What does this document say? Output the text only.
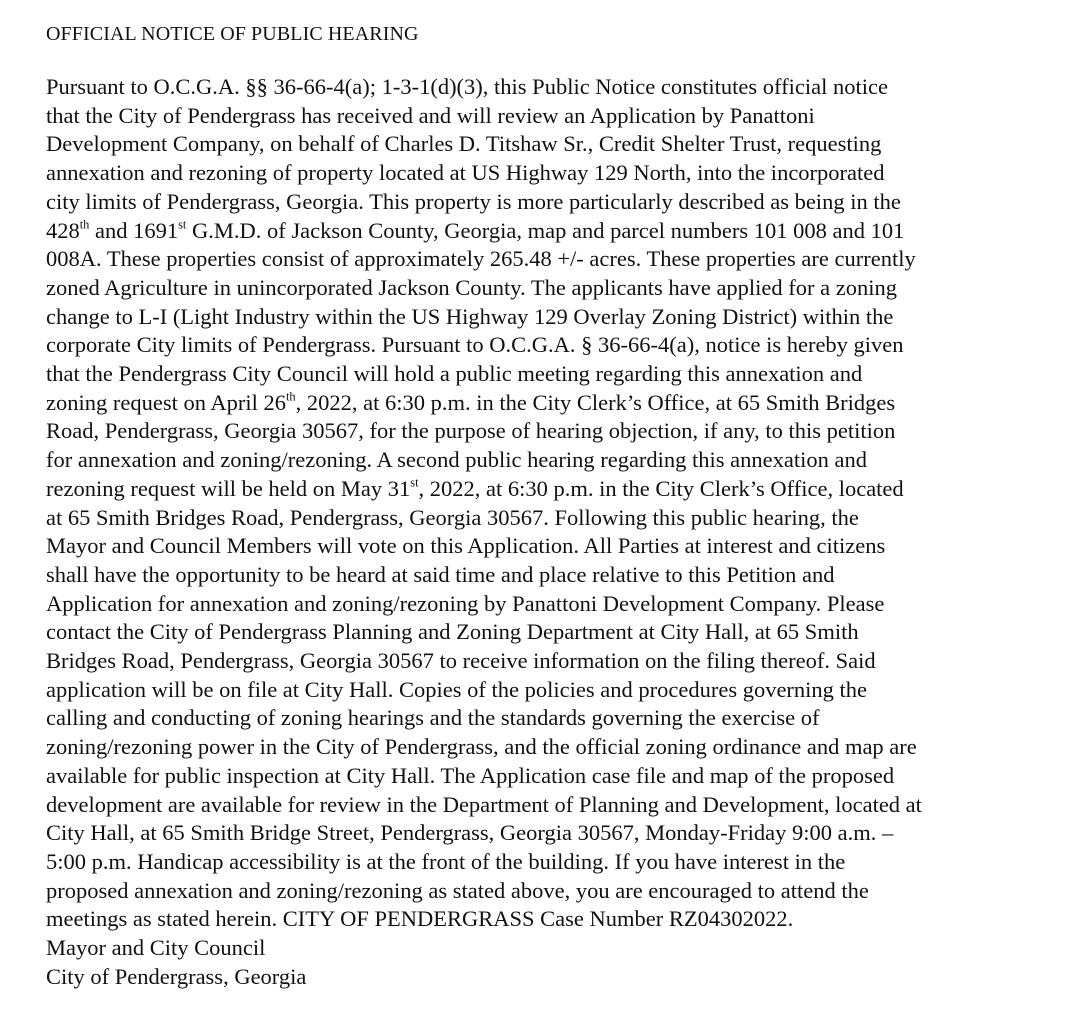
OFFICIAL NOTICE OF PUBLIC HEARING
Pursuant to O.C.G.A. §§ 36-66-4(a); 1-3-1(d)(3), this Public Notice constitutes official notice
that the City of Pendergrass has received and will review an Application by Panattoni
Development Company, on behalf of Charles D. Titshaw Sr., Credit Shelter Trust, requesting
annexation and rezoning of property located at US Highway 129 North, into the incorporated
city limits of Pendergrass, Georgia. This property is more particularly described as being in the
428th and 1691st G.M.D. of Jackson County, Georgia, map and parcel numbers 101 008 and 101
008A. These properties consist of approximately 265.48 +/- acres. These properties are currently
zoned Agriculture in unincorporated Jackson County. The applicants have applied for a zoning
change to L-I (Light Industry within the US Highway 129 Overlay Zoning District) within the
corporate City limits of Pendergrass. Pursuant to O.C.G.A. § 36-66-4(a), notice is hereby given
that the Pendergrass City Council will hold a public meeting regarding this annexation and
zoning request on April 26th, 2022, at 6:30 p.m. in the City Clerk’s Office, at 65 Smith Bridges
Road, Pendergrass, Georgia 30567, for the purpose of hearing objection, if any, to this petition
for annexation and zoning/rezoning. A second public hearing regarding this annexation and
rezoning request will be held on May 31st, 2022, at 6:30 p.m. in the City Clerk’s Office, located
at 65 Smith Bridges Road, Pendergrass, Georgia 30567. Following this public hearing, the
Mayor and Council Members will vote on this Application. All Parties at interest and citizens
shall have the opportunity to be heard at said time and place relative to this Petition and
Application for annexation and zoning/rezoning by Panattoni Development Company. Please
contact the City of Pendergrass Planning and Zoning Department at City Hall, at 65 Smith
Bridges Road, Pendergrass, Georgia 30567 to receive information on the filing thereof. Said
application will be on file at City Hall. Copies of the policies and procedures governing the
calling and conducting of zoning hearings and the standards governing the exercise of
zoning/rezoning power in the City of Pendergrass, and the official zoning ordinance and map are
available for public inspection at City Hall. The Application case file and map of the proposed
development are available for review in the Department of Planning and Development, located at
City Hall, at 65 Smith Bridge Street, Pendergrass, Georgia 30567, Monday-Friday 9:00 a.m. –
5:00 p.m. Handicap accessibility is at the front of the building. If you have interest in the
proposed annexation and zoning/rezoning as stated above, you are encouraged to attend the
meetings as stated herein. CITY OF PENDERGRASS Case Number RZ04302022.
Mayor and City Council
City of Pendergrass, Georgia
